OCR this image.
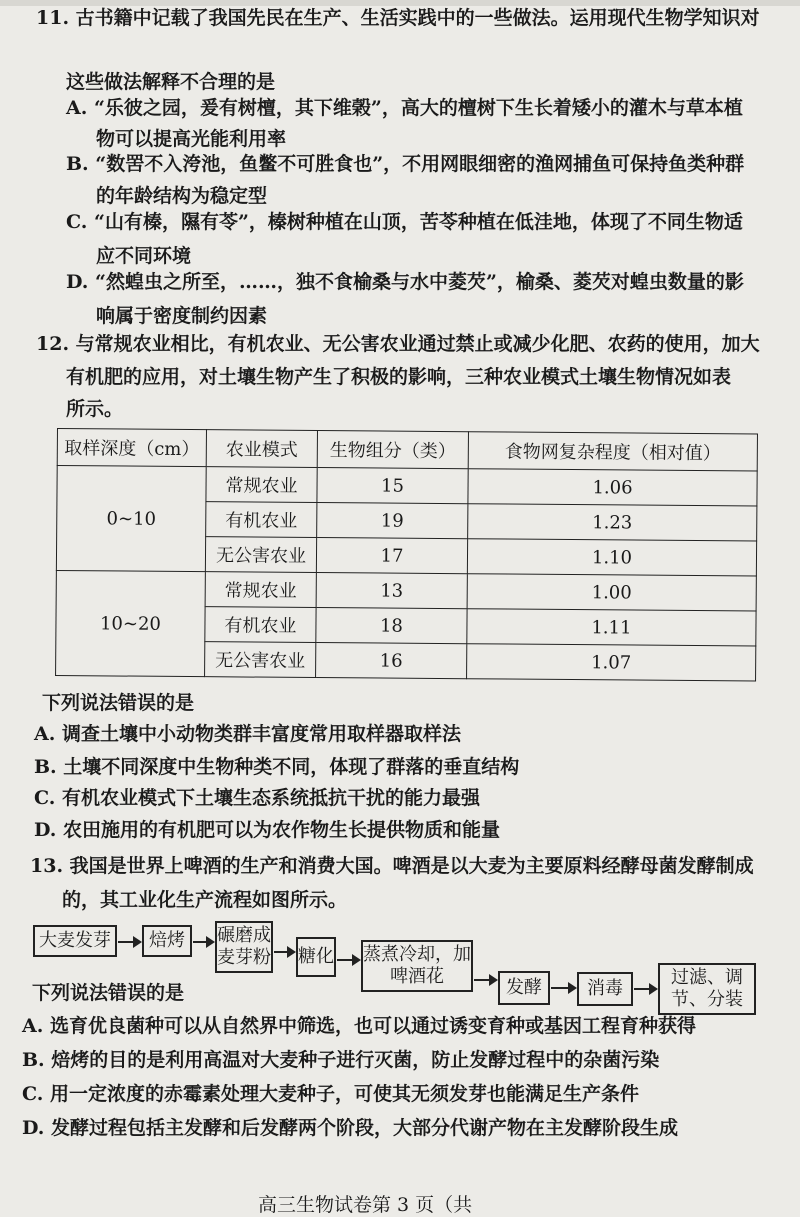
11. 古书籍中记载了我国先民在生产、生活实践中的一些做法。运用现代生物学知识对
这些做法解释不合理的是
A. “乐彼之园，爰有树檀，其下维榖”，高大的檀树下生长着矮小的灌木与草本植
物可以提高光能利用率
B. “数罟不入洿池，鱼鳖不可胜食也”，不用网眼细密的渔网捕鱼可保持鱼类种群
的年龄结构为稳定型
C. “山有榛，隰有苓”，榛树种植在山顶，苦苓种植在低洼地，体现了不同生物适
应不同环境
D. “然蝗虫之所至，……，独不食榆桑与水中菱芡”，榆桑、菱芡对蝗虫数量的影
响属于密度制约因素
12. 与常规农业相比，有机农业、无公害农业通过禁止或减少化肥、农药的使用，加大
有机肥的应用，对土壤生物产生了积极的影响，三种农业模式土壤生物情况如表
所示。
取样深度（cm）	农业模式	生物组分（类）	食物网复杂程度（相对值）
0~10	常规农业	15	1.06
	有机农业	19	1.23
	无公害农业	17	1.10
10~20	常规农业	13	1.00
	有机农业	18	1.11
	无公害农业	16	1.07
下列说法错误的是
A. 调查土壤中小动物类群丰富度常用取样器取样法
B. 土壤不同深度中生物种类不同，体现了群落的垂直结构
C. 有机农业模式下土壤生态系统抵抗干扰的能力最强
D. 农田施用的有机肥可以为农作物生长提供物质和能量
13. 我国是世界上啤酒的生产和消费大国。啤酒是以大麦为主要原料经酵母菌发酵制成
的，其工业化生产流程如图所示。
大麦发芽	焙烤	碾磨成麦芽粉 糖化 蒸煮冷却，加啤酒花
发酵	消毒
过滤、调节、分装
下列说法错误的是
A. 选育优良菌种可以从自然界中筛选，也可以通过诱变育种或基因工程育种获得
B. 焙烤的目的是利用高温对大麦种子进行灭菌，防止发酵过程中的杂菌污染
C. 用一定浓度的赤霉素处理大麦种子，可使其无须发芽也能满足生产条件
D. 发酵过程包括主发酵和后发酵两个阶段，大部分代谢产物在主发酵阶段生成
高三生物试卷第 3 页（共
